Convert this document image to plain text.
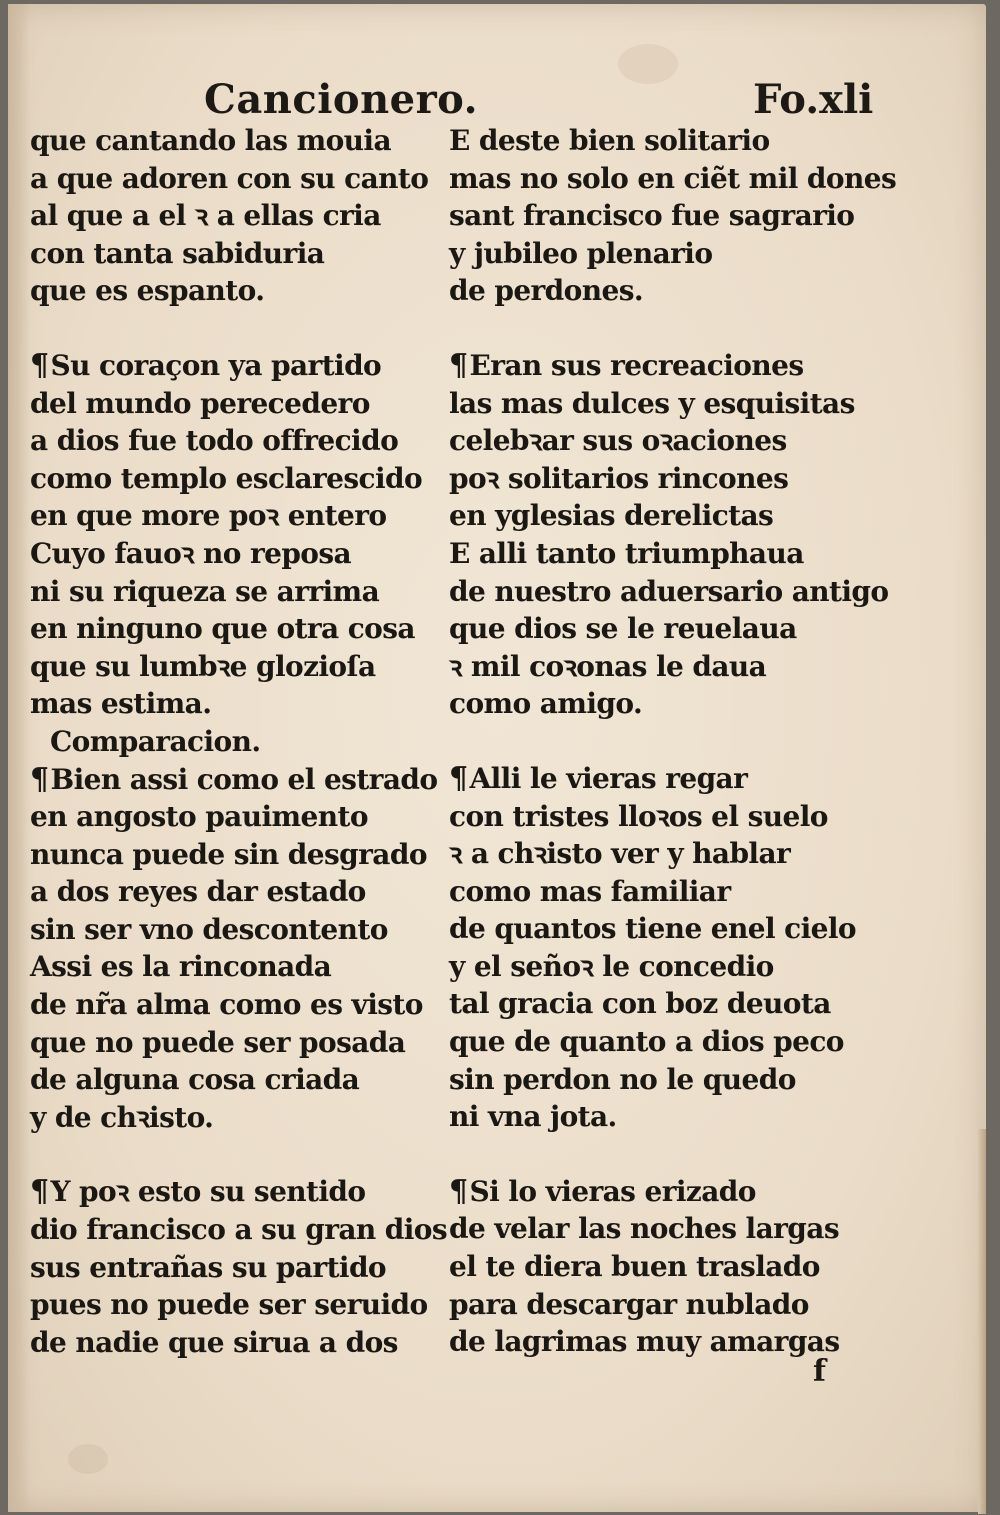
Cancionero.	Fo.xli
que cantando las mouia
a que adoren con su canto
al que a el ꝛ a ellas cria
con tanta sabiduria
que es espanto.
¶Su coraçon ya partido
del mundo perecedero
a dios fue todo offrecido
como templo esclarescido
en que more poꝛ entero
Cuyo fauoꝛ no reposa
ni su riqueza se arrima
en ninguno que otra cosa
que su lumbꝛe glozioſa
mas estima.
Comparacion.
¶Bien assi como el estrado
en angosto pauimento
nunca puede sin desgrado
a dos reyes dar estado
sin ser vno descontento
Assi es la rinconada
de nr̃a alma como es visto
que no puede ser posada
de alguna cosa criada
y de chꝛisto.
¶Y poꝛ esto su sentido
dio francisco a su gran dios
sus entrañas su partido
pues no puede ser seruido
de nadie que sirua a dos
E deste bien solitario
mas no solo en ciẽt mil dones
sant francisco fue sagrario
y jubileo plenario
de perdones.
¶Eran sus recreaciones
las mas dulces y esquisitas
celebꝛar sus oꝛaciones
poꝛ solitarios rincones
en yglesias derelictas
E alli tanto triumphaua
de nuestro aduersario antigo
que dios se le reuelaua
ꝛ mil coꝛonas le daua
como amigo.
¶Alli le vieras regar
con tristes lloꝛos el suelo
ꝛ a chꝛisto ver y hablar
como mas familiar
de quantos tiene enel cielo
y el señoꝛ le concedio
tal gracia con boz deuota
que de quanto a dios peco
sin perdon no le quedo
ni vna jota.
¶Si lo vieras erizado
de velar las noches largas
el te diera buen traslado
para descargar nublado
de lagrimas muy amargas
f
